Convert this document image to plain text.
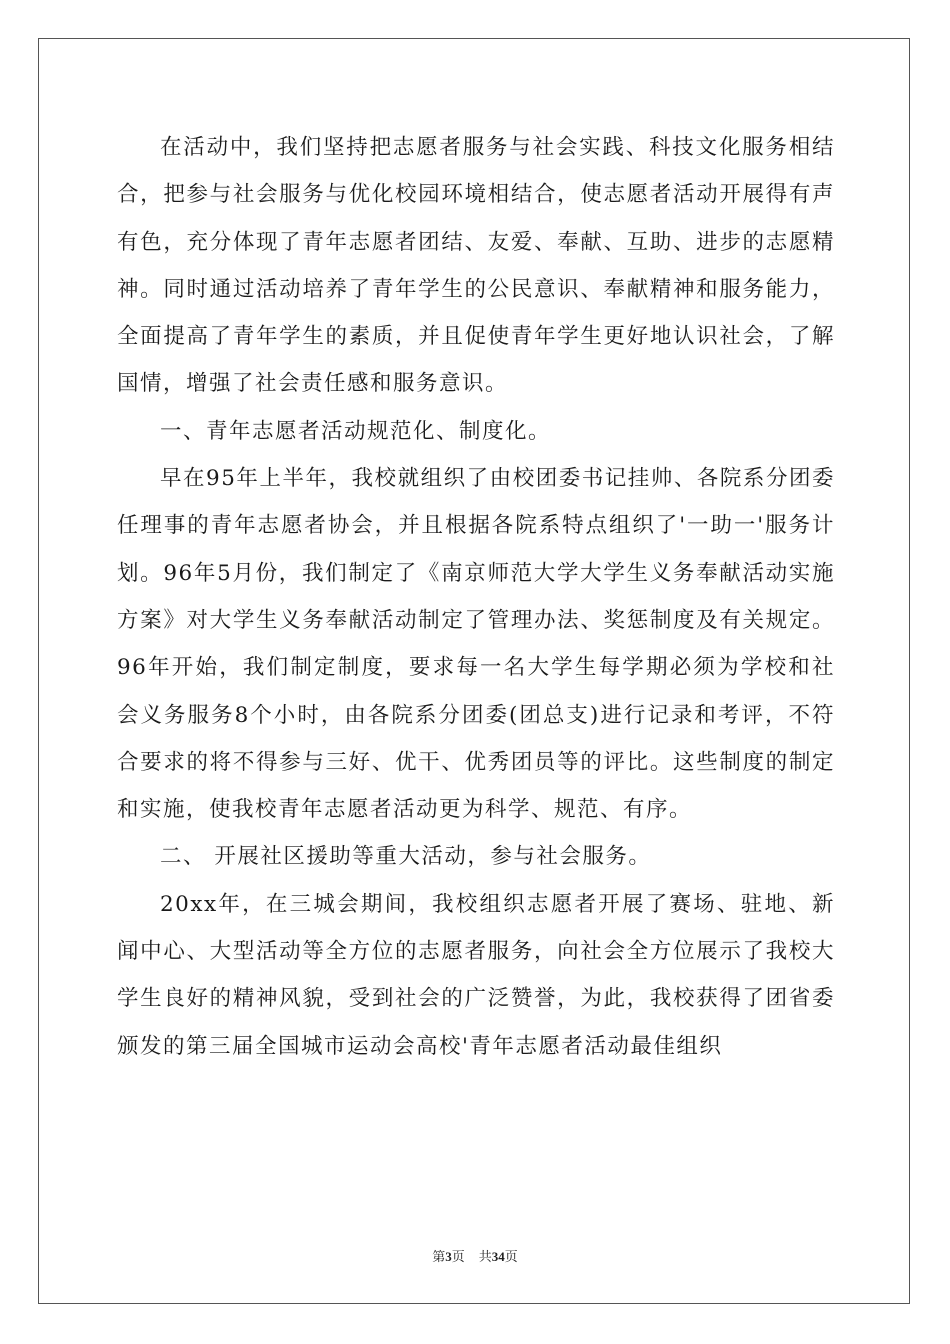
在活动中，我们坚持把志愿者服务与社会实践、科技文化服务相结合，把参与社会服务与优化校园环境相结合，使志愿者活动开展得有声有色，充分体现了青年志愿者团结、友爱、奉献、互助、进步的志愿精神。同时通过活动培养了青年学生的公民意识、奉献精神和服务能力，全面提高了青年学生的素质，并且促使青年学生更好地认识社会，了解国情，增强了社会责任感和服务意识。

一、青年志愿者活动规范化、制度化。

早在95年上半年，我校就组织了由校团委书记挂帅、各院系分团委任理事的青年志愿者协会，并且根据各院系特点组织了'一助一'服务计划。96年5月份，我们制定了《南京师范大学大学生义务奉献活动实施方案》对大学生义务奉献活动制定了管理办法、奖惩制度及有关规定。96年开始，我们制定制度，要求每一名大学生每学期必须为学校和社会义务服务8个小时，由各院系分团委(团总支)进行记录和考评，不符合要求的将不得参与三好、优干、优秀团员等的评比。这些制度的制定和实施，使我校青年志愿者活动更为科学、规范、有序。

二、 开展社区援助等重大活动，参与社会服务。

20xx年，在三城会期间，我校组织志愿者开展了赛场、驻地、新闻中心、大型活动等全方位的志愿者服务，向社会全方位展示了我校大学生良好的精神风貌，受到社会的广泛赞誉，为此，我校获得了团省委颁发的第三届全国城市运动会高校'青年志愿者活动最佳组织

第3页 共34页
